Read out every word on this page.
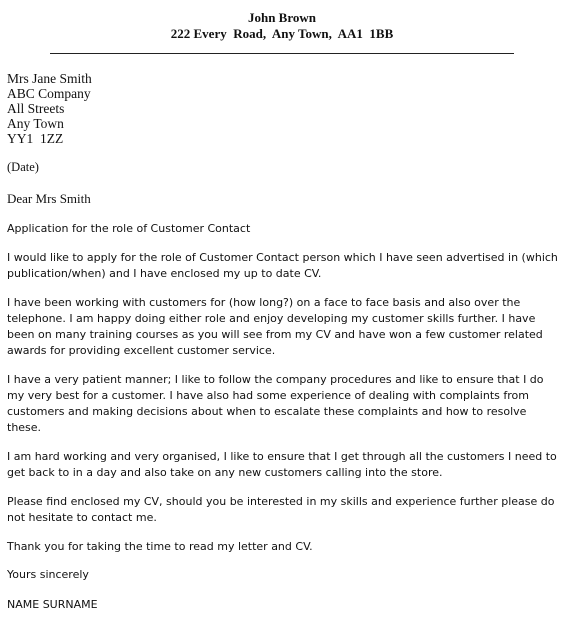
John Brown
222 Every  Road,  Any Town,  AA1  1BB
Mrs Jane Smith
ABC Company
All Streets
Any Town
YY1  1ZZ
(Date)
Dear Mrs Smith

Application for the role of Customer Contact

I would like to apply for the role of Customer Contact person which I have seen advertised in (which publication/when) and I have enclosed my up to date CV.

I have been working with customers for (how long?) on a face to face basis and also over the telephone. I am happy doing either role and enjoy developing my customer skills further. I have been on many training courses as you will see from my CV and have won a few customer related awards for providing excellent customer service.

I have a very patient manner; I like to follow the company procedures and like to ensure that I do my very best for a customer. I have also had some experience of dealing with complaints from customers and making decisions about when to escalate these complaints and how to resolve these.

I am hard working and very organised, I like to ensure that I get through all the customers I need to get back to in a day and also take on any new customers calling into the store.

Please find enclosed my CV, should you be interested in my skills and experience further please do not hesitate to contact me.

Thank you for taking the time to read my letter and CV.

Yours sincerely
NAME SURNAME
